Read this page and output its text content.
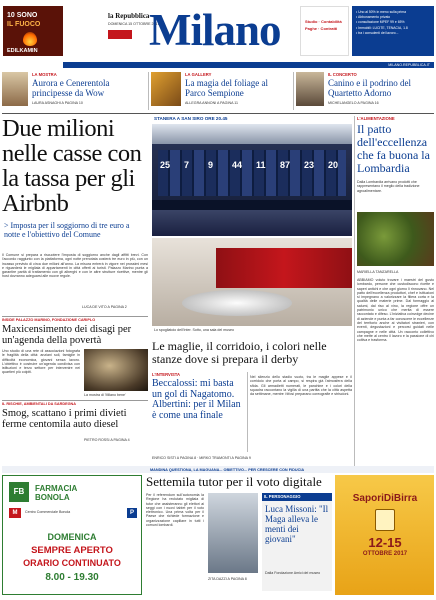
10 SONO
IL FUOCO
EDILKAMIN
la Repubblica
DOMENICA 15 OTTOBRE 2017
Milano	Studio · Contabilità
Paghe · Contratti
• Uno al 50% in meno sulla prima
• Abbonamento privato
• consultazione MPEF 99 e 65%
• Immobili: LUCITE, TENACIA, 1.8
• tra i consulenti del lavoro...
MILANO.REPUBBLICA.IT
LA MOSTRA
Aurora e Cenerentola principesse da Wow
LAURA ASNAGHI A PAGINA 10
LA GALLERY
La magia del foliage al Parco Sempione
ALLEGRA ANNONI A PAGINA 11
IL CONCERTO
Canino e il podrino del Quartetto Adorno
MICHELANGELO A PAGINA 16
Due milioni nelle casse con la tassa per gli Airbnb
> Imposta per il soggiorno di tre euro a notte e l'obiettivo del Comune
Il Comune si prepara a riscuotere l'imposta di soggiorno anche dagli affitti brevi. Con l'accordo raggiunto con la piattaforma, ogni notte prenotata costerà tre euro in più, con un incasso previsto di circa due milioni all'anno. La misura entrerà in vigore nei prossimi mesi e riguarderà le migliaia di appartamenti in città offerti ai turisti. Palazzo Marino punta a garantire parità di trattamento con gli alberghi e con le altre strutture ricettive, mentre gli host dovranno adeguarsi alle nuove regole.
LUCA DE VITO A PAGINA 2
INSIDE PALAZZO MARINO, FONDAZIONE CARIPLO
Maxicensimento dei disagi per un'agenda della povertà
Uno studio di una rete di associazioni fotografa le fragilità della città: anziani soli, famiglie in difficoltà economica, giovani senza lavoro. L'obiettivo è costruire un'agenda condivisa con istituzioni e terzo settore per intervenire nei quartieri più colpiti.
La mostra di 'Milano bene'
IL RISCHIE, AMBIENTALI DA SARDEGNA
Smog, scattano i primi divieti ferme centomila auto diesel
PIETRO ROSSI A PAGINA 4
STANERA A SAN SIRO ORE 20.45
25 7 9 44 11 87 23 20
Lo spogliatoio dell'Inter. Sotto, una sala del museo
Le maglie, il corridoio, i colori nelle stanze dove si prepara il derby
L'INTERVISTA
Beccalossi: mi basta un gol di Nagatomo. Albertini: per il Milan è come una finale
Nel silenzio dello stadio vuoto, tra le maglie appese e il corridoio che porta al campo, si respira già l'atmosfera della sfida. Gli armadietti numerati, le panchine e i colori della squadra raccontano la vigilia di una partita che la città aspetta da settimane, mentre i tifosi preparano coreografie e striscioni.
ENRICO SISTI A PAGINA 8 · MIRKO TRAMONTI A PAGINA 9
L'ALIMENTAZIONE
Il patto dell'eccellenza che fa buona la Lombardia
Dalla Lombardia arrivano prodotti che rappresentano il meglio della tradizione agroalimentare.
MARIELLA TANZARELLA
ABBIAMO voluto trovare i maestri del gusto lombardo, persone che custodiscono ricette e saperi antichi e che ogni giorno li rinnovano. Nel patto dell'eccellenza produttori, chef e istituzioni si impegnano a valorizzare la filiera corta e la qualità delle materie prime. Dal formaggio ai salumi, dal riso al vino, la regione offre un patrimonio unico che merita di essere raccontato e difeso. L'iniziativa coinvolge decine di aziende e punta a far conoscere le eccellenze del territorio anche ai visitatori stranieri, con eventi, degustazioni e percorsi guidati nelle campagne e nelle città. Un racconto collettivo che mette al centro il lavoro e la passione di chi coltiva e trasforma.
MANDINA QUESTIONA, LA MAGUANA... OBIETTIVO... PER CRESCERE CON FIDUCIA
FB	FARMACIA BONOLA
M	Centro Commerciale Bonola	P
DOMENICA
SEMPRE APERTO
ORARIO CONTINUATO
8.00 - 19.30
Settemila tutor per il voto digitale
Per il referendum sull'autonomia la Regione ha reclutato migliaia di tutor che assisteranno gli elettori ai seggi con i nuovi tablet per il voto elettronico. Una prima volta per il Paese che richiede formazione e organizzazione capillare in tutti i comuni lombardi.
ZITA DAZZI A PAGINA 8
IL PERSONAGGIO
Luca Missoni: "Il Maga alleva le menti dei giovani"
Dalla Fondazione Amici del museo
SaporiDiBirra
12-15
OTTOBRE 2017
